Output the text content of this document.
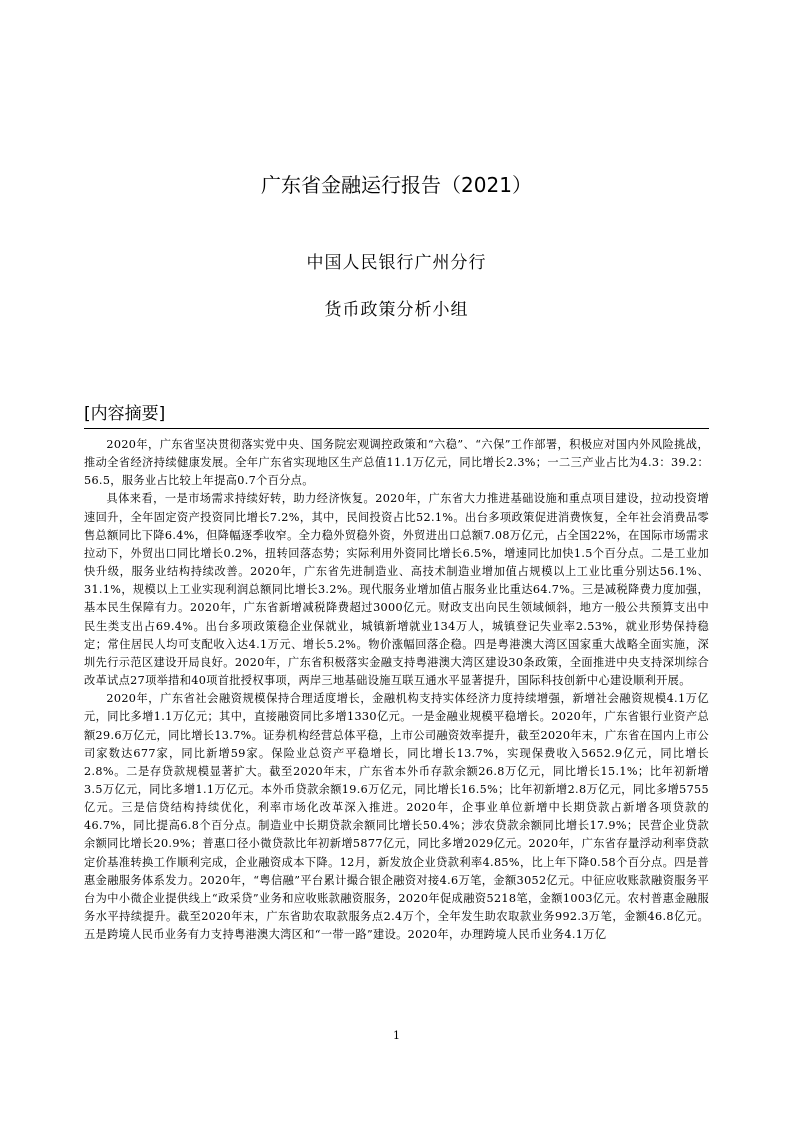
广东省金融运行报告（2021）
中国人民银行广州分行
货币政策分析小组
[内容摘要]

2020年，广东省坚决贯彻落实党中央、国务院宏观调控政策和“六稳”、“六保”工作部署，积极应对国内外风险挑战，推动全省经济持续健康发展。全年广东省实现地区生产总值11.1万亿元，同比增长2.3%；一二三产业占比为4.3：39.2：56.5，服务业占比较上年提高0.7个百分点。

具体来看，一是市场需求持续好转，助力经济恢复。2020年，广东省大力推进基础设施和重点项目建设，拉动投资增速回升，全年固定资产投资同比增长7.2%，其中，民间投资占比52.1%。出台多项政策促进消费恢复，全年社会消费品零售总额同比下降6.4%，但降幅逐季收窄。全力稳外贸稳外资，外贸进出口总额7.08万亿元，占全国22%，在国际市场需求拉动下，外贸出口同比增长0.2%，扭转回落态势；实际利用外资同比增长6.5%，增速同比加快1.5个百分点。二是工业加快升级，服务业结构持续改善。2020年，广东省先进制造业、高技术制造业增加值占规模以上工业比重分别达56.1%、31.1%，规模以上工业实现利润总额同比增长3.2%。现代服务业增加值占服务业比重达64.7%。三是减税降费力度加强，基本民生保障有力。2020年，广东省新增减税降费超过3000亿元。财政支出向民生领域倾斜，地方一般公共预算支出中民生类支出占69.4%。出台多项政策稳企业保就业，城镇新增就业134万人，城镇登记失业率2.53%，就业形势保持稳定；常住居民人均可支配收入达4.1万元、增长5.2%。物价涨幅回落企稳。四是粤港澳大湾区国家重大战略全面实施，深圳先行示范区建设开局良好。2020年，广东省积极落实金融支持粤港澳大湾区建设30条政策，全面推进中央支持深圳综合改革试点27项举措和40项首批授权事项，两岸三地基础设施互联互通水平显著提升，国际科技创新中心建设顺利开展。

2020年，广东省社会融资规模保持合理适度增长，金融机构支持实体经济力度持续增强，新增社会融资规模4.1万亿元，同比多增1.1万亿元；其中，直接融资同比多增1330亿元。一是金融业规模平稳增长。2020年，广东省银行业资产总额29.6万亿元，同比增长13.7%。证券机构经营总体平稳，上市公司融资效率提升，截至2020年末，广东省在国内上市公司家数达677家，同比新增59家。保险业总资产平稳增长，同比增长13.7%，实现保费收入5652.9亿元，同比增长2.8%。二是存贷款规模显著扩大。截至2020年末，广东省本外币存款余额26.8万亿元，同比增长15.1%；比年初新增3.5万亿元，同比多增1.1万亿元。本外币贷款余额19.6万亿元，同比增长16.5%；比年初新增2.8万亿元，同比多增5755亿元。三是信贷结构持续优化，利率市场化改革深入推进。2020年，企事业单位新增中长期贷款占新增各项贷款的46.7%，同比提高6.8个百分点。制造业中长期贷款余额同比增长50.4%；涉农贷款余额同比增长17.9%；民营企业贷款余额同比增长20.9%；普惠口径小微贷款比年初新增5877亿元，同比多增2029亿元。2020年，广东省存量浮动利率贷款定价基准转换工作顺利完成，企业融资成本下降。12月，新发放企业贷款利率4.85%，比上年下降0.58个百分点。四是普惠金融服务体系发力。2020年，“粤信融”平台累计撮合银企融资对接4.6万笔，金额3052亿元。中征应收账款融资服务平台为中小微企业提供线上“政采贷”业务和应收账款融资服务，2020年促成融资5218笔，金额1003亿元。农村普惠金融服务水平持续提升。截至2020年末，广东省助农取款服务点2.4万个，全年发生助农取款业务992.3万笔，金额46.8亿元。五是跨境人民币业务有力支持粤港澳大湾区和“一带一路”建设。2020年，办理跨境人民币业务4.1万亿

1
